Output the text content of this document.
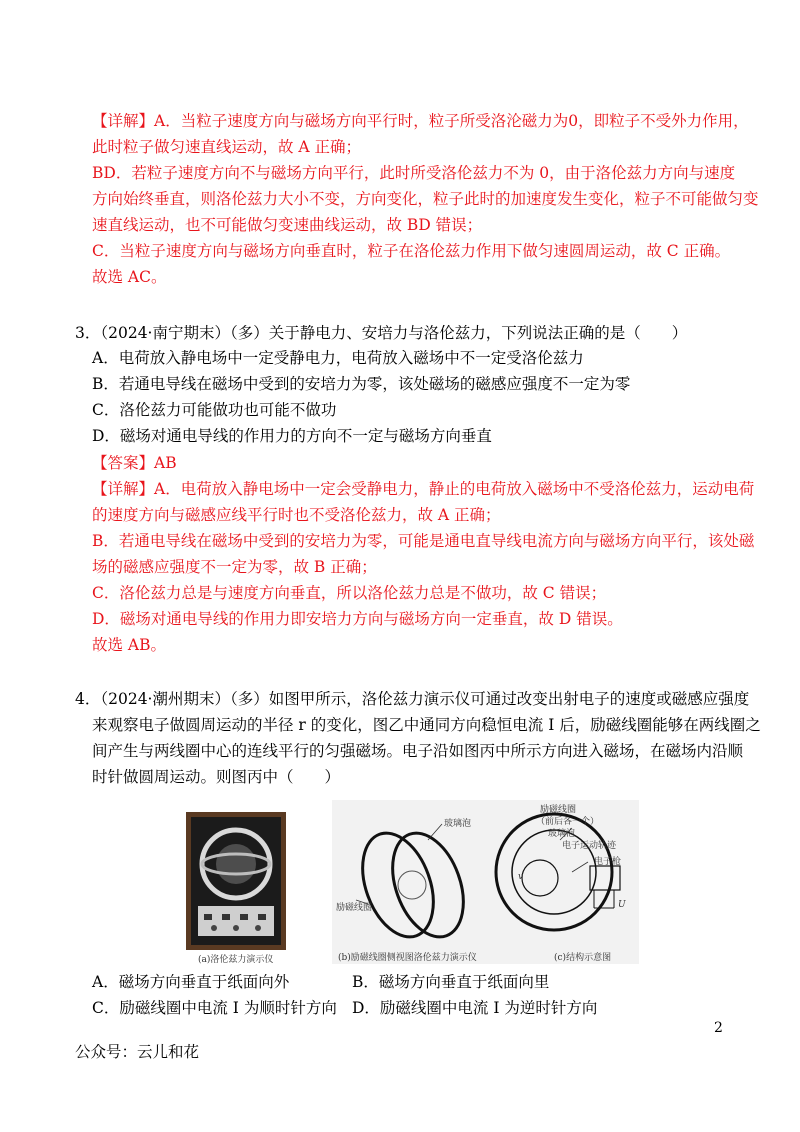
【详解】A．当粒子速度方向与磁场方向平行时，粒子所受洛沦磁力为0，即粒子不受外力作用，
此时粒子做匀速直线运动，故 A 正确；
BD．若粒子速度方向不与磁场方向平行，此时所受洛伦兹力不为 0，由于洛伦兹力方向与速度
方向始终垂直，则洛伦兹力大小不变，方向变化，粒子此时的加速度发生变化，粒子不可能做匀变
速直线运动，也不可能做匀变速曲线运动，故 BD 错误；
C．当粒子速度方向与磁场方向垂直时，粒子在洛伦兹力作用下做匀速圆周运动，故 C 正确。
故选 AC。
3．（2024·南宁期末）（多）关于静电力、安培力与洛伦兹力，下列说法正确的是（　　）
A．电荷放入静电场中一定受静电力，电荷放入磁场中不一定受洛伦兹力
B．若通电导线在磁场中受到的安培力为零，该处磁场的磁感应强度不一定为零
C．洛伦兹力可能做功也可能不做功
D．磁场对通电导线的作用力的方向不一定与磁场方向垂直
【答案】AB
【详解】A．电荷放入静电场中一定会受静电力，静止的电荷放入磁场中不受洛伦兹力，运动电荷
的速度方向与磁感应线平行时也不受洛伦兹力，故 A 正确；
B．若通电导线在磁场中受到的安培力为零，可能是通电直导线电流方向与磁场方向平行，该处磁
场的磁感应强度不一定为零，故 B 正确；
C．洛伦兹力总是与速度方向垂直，所以洛伦兹力总是不做功，故 C 错误；
D．磁场对通电导线的作用力即安培力方向与磁场方向一定垂直，故 D 错误。
故选 AB。
4．（2024·潮州期末）（多）如图甲所示，洛伦兹力演示仪可通过改变出射电子的速度或磁感应强度
来观察电子做圆周运动的半径 r 的变化，图乙中通同方向稳恒电流 I 后，励磁线圈能够在两线圈之
间产生与两线圈中心的连线平行的匀强磁场。电子沿如图丙中所示方向进入磁场，在磁场内沿顺
时针做圆周运动。则图丙中（　　）
(a)洛伦兹力演示仪
玻璃泡
励磁线圈
励磁线圈
（前后各一个）
玻璃泡
电子运动轨迹
电子枪
v
U
(b)励磁线圈侧视图洛伦兹力演示仪	(c)结构示意图
A．磁场方向垂直于纸面向外	B．磁场方向垂直于纸面向里
C．励磁线圈中电流 I 为顺时针方向 D．励磁线圈中电流 I 为逆时针方向
2
公众号：云儿和花
